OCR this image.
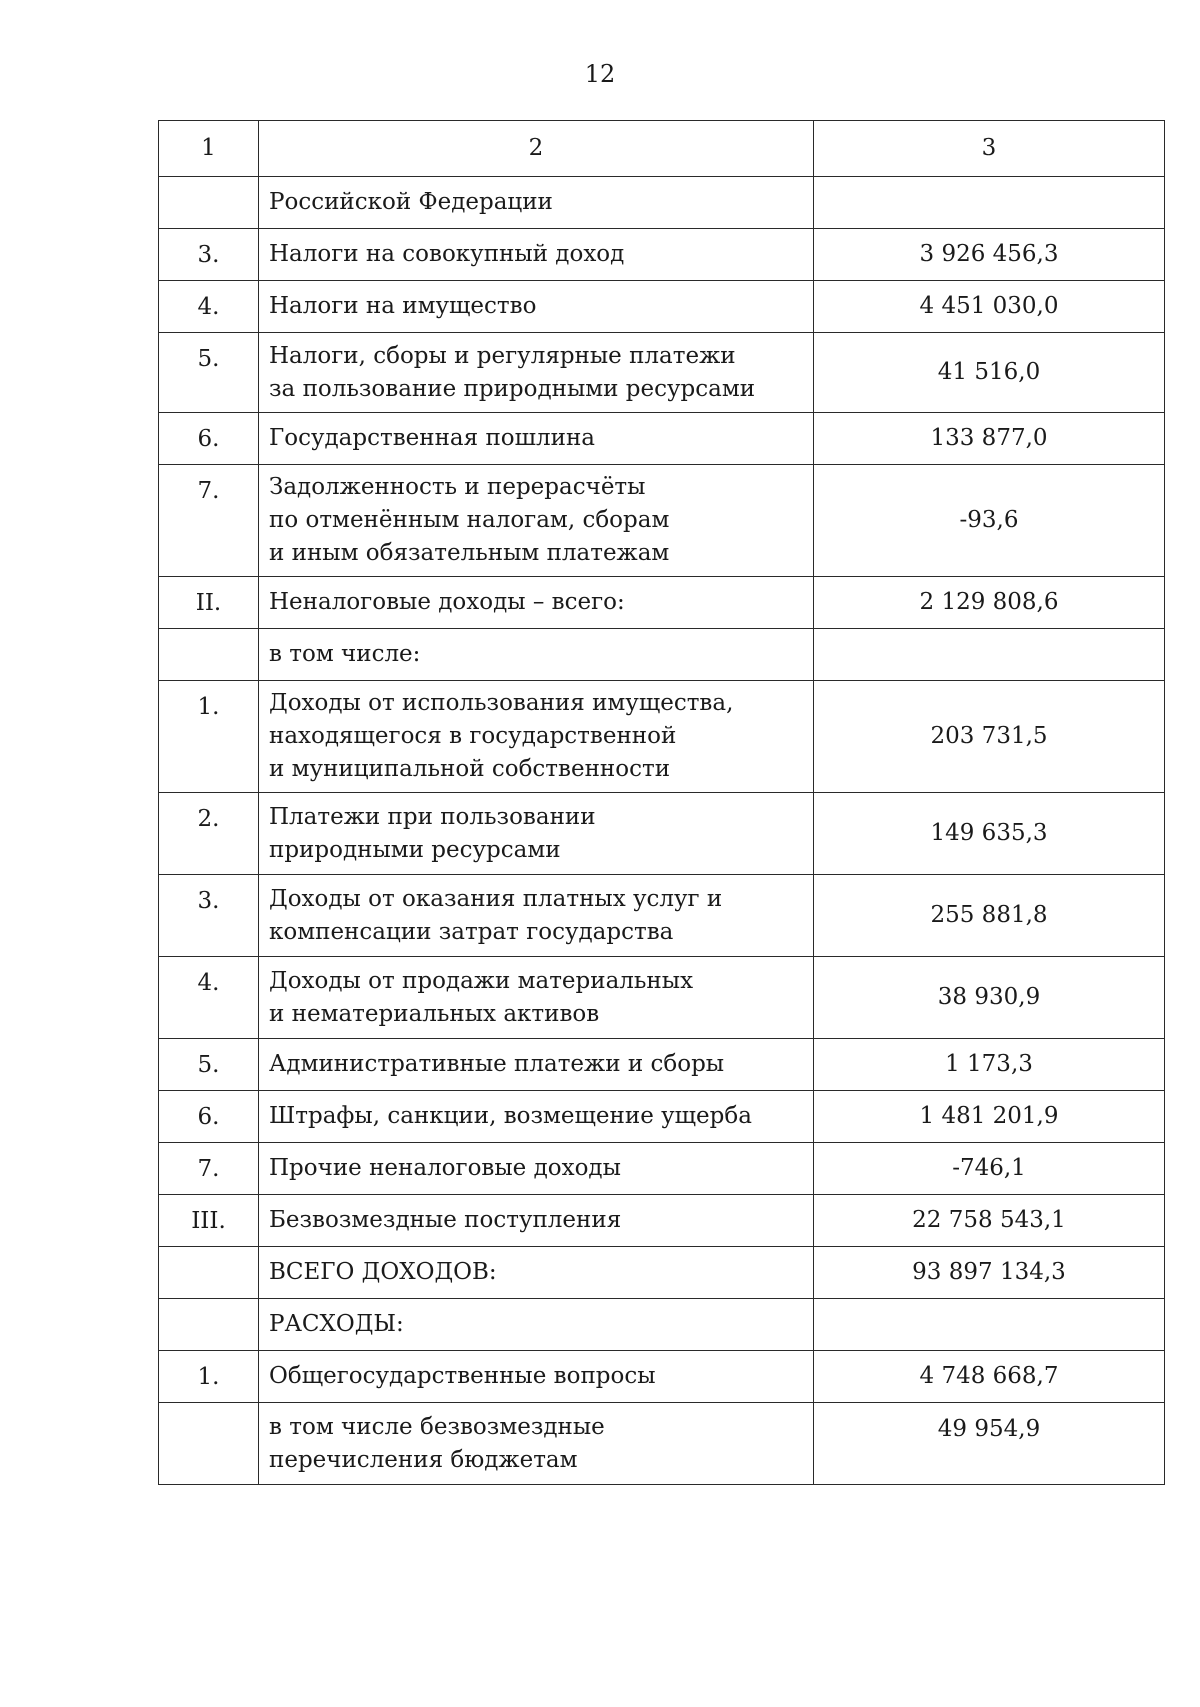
12
1	2	3
	Российской Федерации	
3.	Налоги на совокупный доход	3 926 456,3
4.	Налоги на имущество	4 451 030,0
5.	Налоги, сборы и регулярные платежи
за пользование природными ресурсами	41 516,0
6.	Государственная пошлина	133 877,0
7.	Задолженность и перерасчёты
по отменённым налогам, сборам
и иным обязательным платежам	-93,6
II.	Неналоговые доходы – всего:	2 129 808,6
	в том числе:	
1.	Доходы от использования имущества,
находящегося в государственной
и муниципальной собственности	203 731,5
2.	Платежи при пользовании
природными ресурсами	149 635,3
3.	Доходы от оказания платных услуг и
компенсации затрат государства	255 881,8
4.	Доходы от продажи материальных
и нематериальных активов	38 930,9
5.	Административные платежи и сборы	1 173,3
6.	Штрафы, санкции, возмещение ущерба	1 481 201,9
7.	Прочие неналоговые доходы	-746,1
III.	Безвозмездные поступления	22 758 543,1
	ВСЕГО ДОХОДОВ:	93 897 134,3
	РАСХОДЫ:	
1.	Общегосударственные вопросы	4 748 668,7
	в том числе безвозмездные
перечисления бюджетам	49 954,9
